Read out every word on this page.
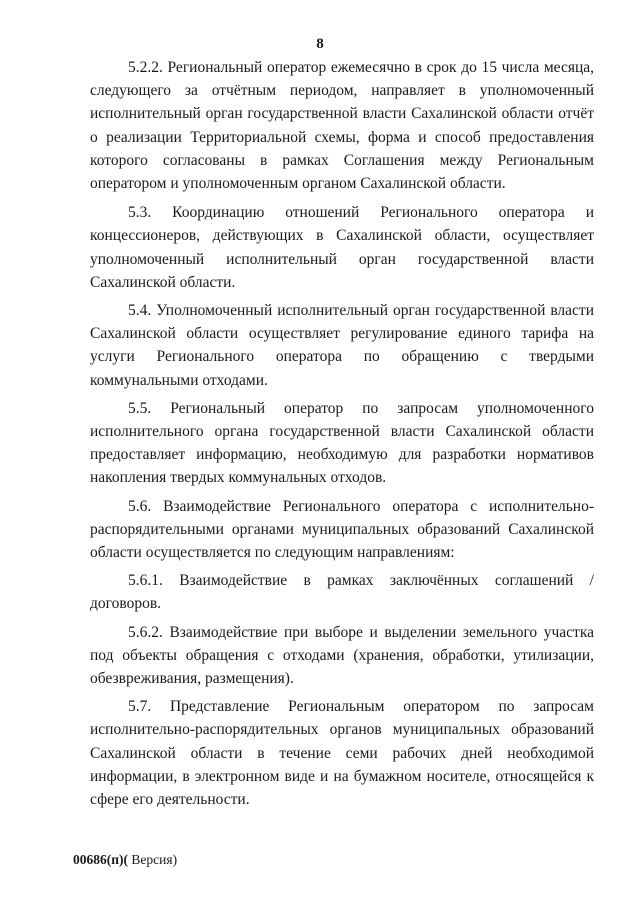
8

5.2.2. Региональный оператор ежемесячно в срок до 15 числа месяца, следующего за отчётным периодом, направляет в уполномоченный исполнительный орган государственной власти Сахалинской области отчёт о реализации Территориальной схемы, форма и способ предоставления которого согласованы в рамках Соглашения между Региональным оператором и уполномоченным органом Сахалинской области.

5.3. Координацию отношений Регионального оператора и концессионеров, действующих в Сахалинской области, осуществляет уполномоченный исполнительный орган государственной власти Сахалинской области.

5.4. Уполномоченный исполнительный орган государственной власти Сахалинской области осуществляет регулирование единого тарифа на услуги Регионального оператора по обращению с твердыми коммунальными отходами.

5.5. Региональный оператор по запросам уполномоченного исполнительного органа государственной власти Сахалинской области предоставляет информацию, необходимую для разработки нормативов накопления твердых коммунальных отходов.

5.6. Взаимодействие Регионального оператора с исполнительно-распорядительными органами муниципальных образований Сахалинской области осуществляется по следующим направлениям:

5.6.1. Взаимодействие в рамках заключённых соглашений / договоров.

5.6.2. Взаимодействие при выборе и выделении земельного участка под объекты обращения с отходами (хранения, обработки, утилизации, обезвреживания, размещения).

5.7. Представление Региональным оператором по запросам исполнительно-распорядительных органов муниципальных образований Сахалинской области в течение семи рабочих дней необходимой информации, в электронном виде и на бумажном носителе, относящейся к сфере его деятельности.

00686(п)( Версия)
